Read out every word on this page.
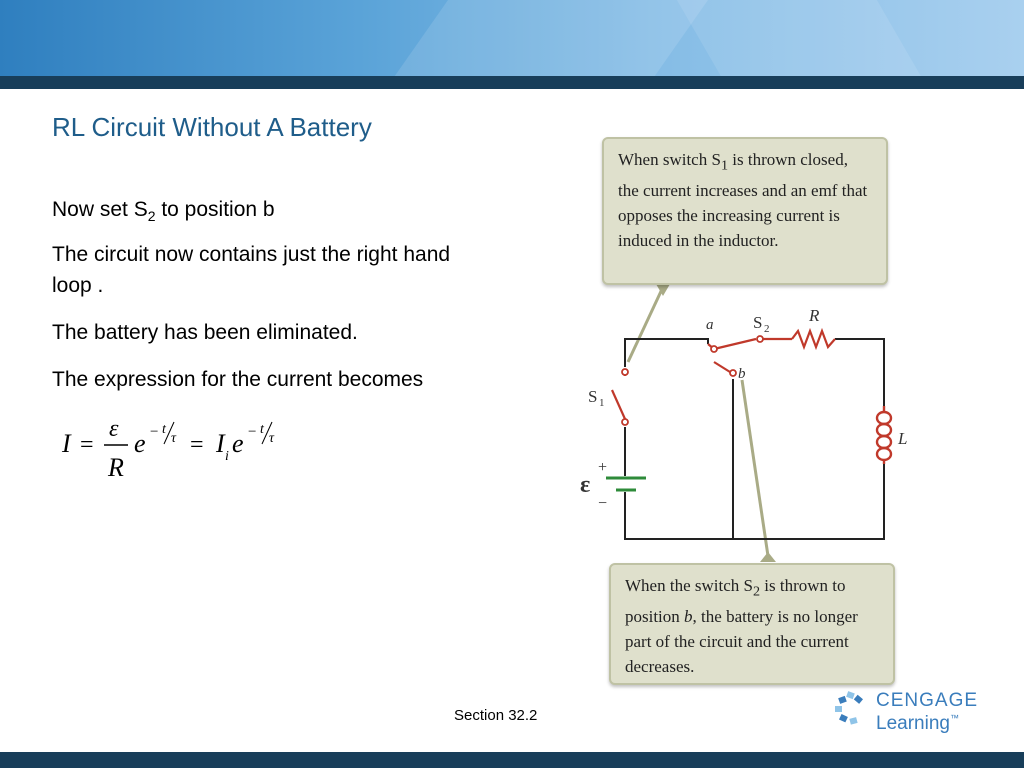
RL Circuit Without A Battery
Now set $S_2$ to position b
The circuit now contains just the right hand loop .
The battery has been eliminated.
The expression for the current becomes
I =
ε
R
e − t
τ = I i e − t
τ
a
b
S 2
R
S 1
L
ε
+
−
When switch $S_1$ is thrown closed, the current increases and an emf that opposes the increasing current is induced in the inductor.
When the switch $S_2$ is thrown to position b, the battery is no longer part of the circuit and the current decreases.
Section 32.2
CENGAGE
Learning™
